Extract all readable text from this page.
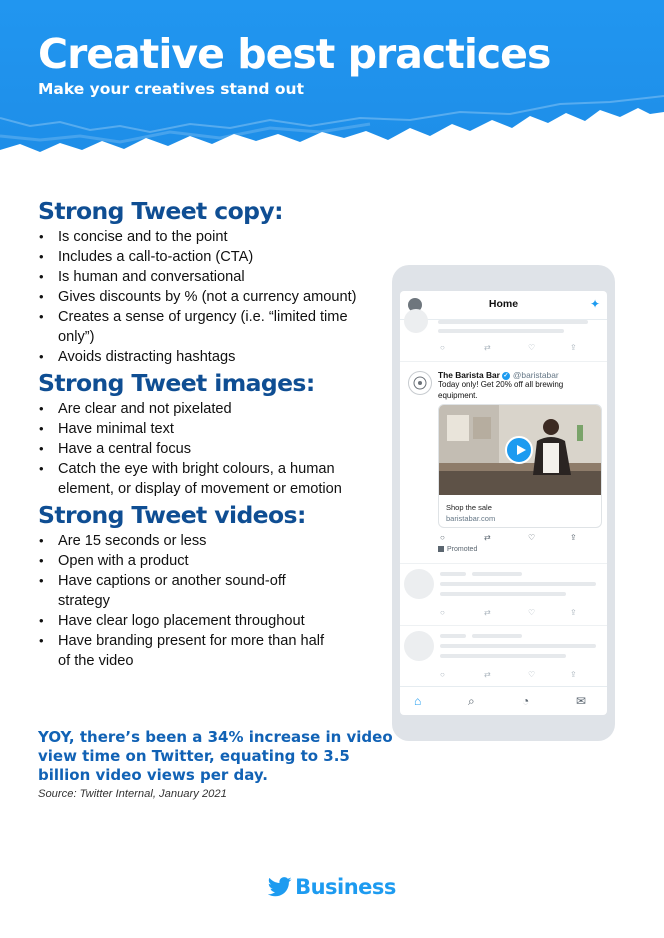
Creative best practices

Make your creatives stand out

Strong Tweet copy:
• Is concise and to the point
• Includes a call-to-action (CTA)
• Is human and conversational
• Gives discounts by % (not a currency amount)
• Creates a sense of urgency (i.e. “limited time only”)
• Avoids distracting hashtags
Strong Tweet images:
• Are clear and not pixelated
• Have minimal text
• Have a central focus
• Catch the eye with bright colours, a human element, or display of movement or emotion
Strong Tweet videos:
• Are 15 seconds or less
• Open with a product
• Have captions or another sound-off strategy
• Have clear logo placement throughout
• Have branding present for more than half of the video

YOY, there’s been a 34% increase in video view time on Twitter, equating to 3.5 billion video views per day.

Source: Twitter Internal, January 2021

Home	✦
○	⇄	♡	⇪
The Barista Bar ✓ @baristabar
Today only! Get 20% off all brewing equipment.
Shop the sale
baristabar.com
○	⇄	♡	⇪
Promoted
○	⇄	♡	⇪
○	⇄	♡	⇪
⌂	⌕	◔	✉
Business
